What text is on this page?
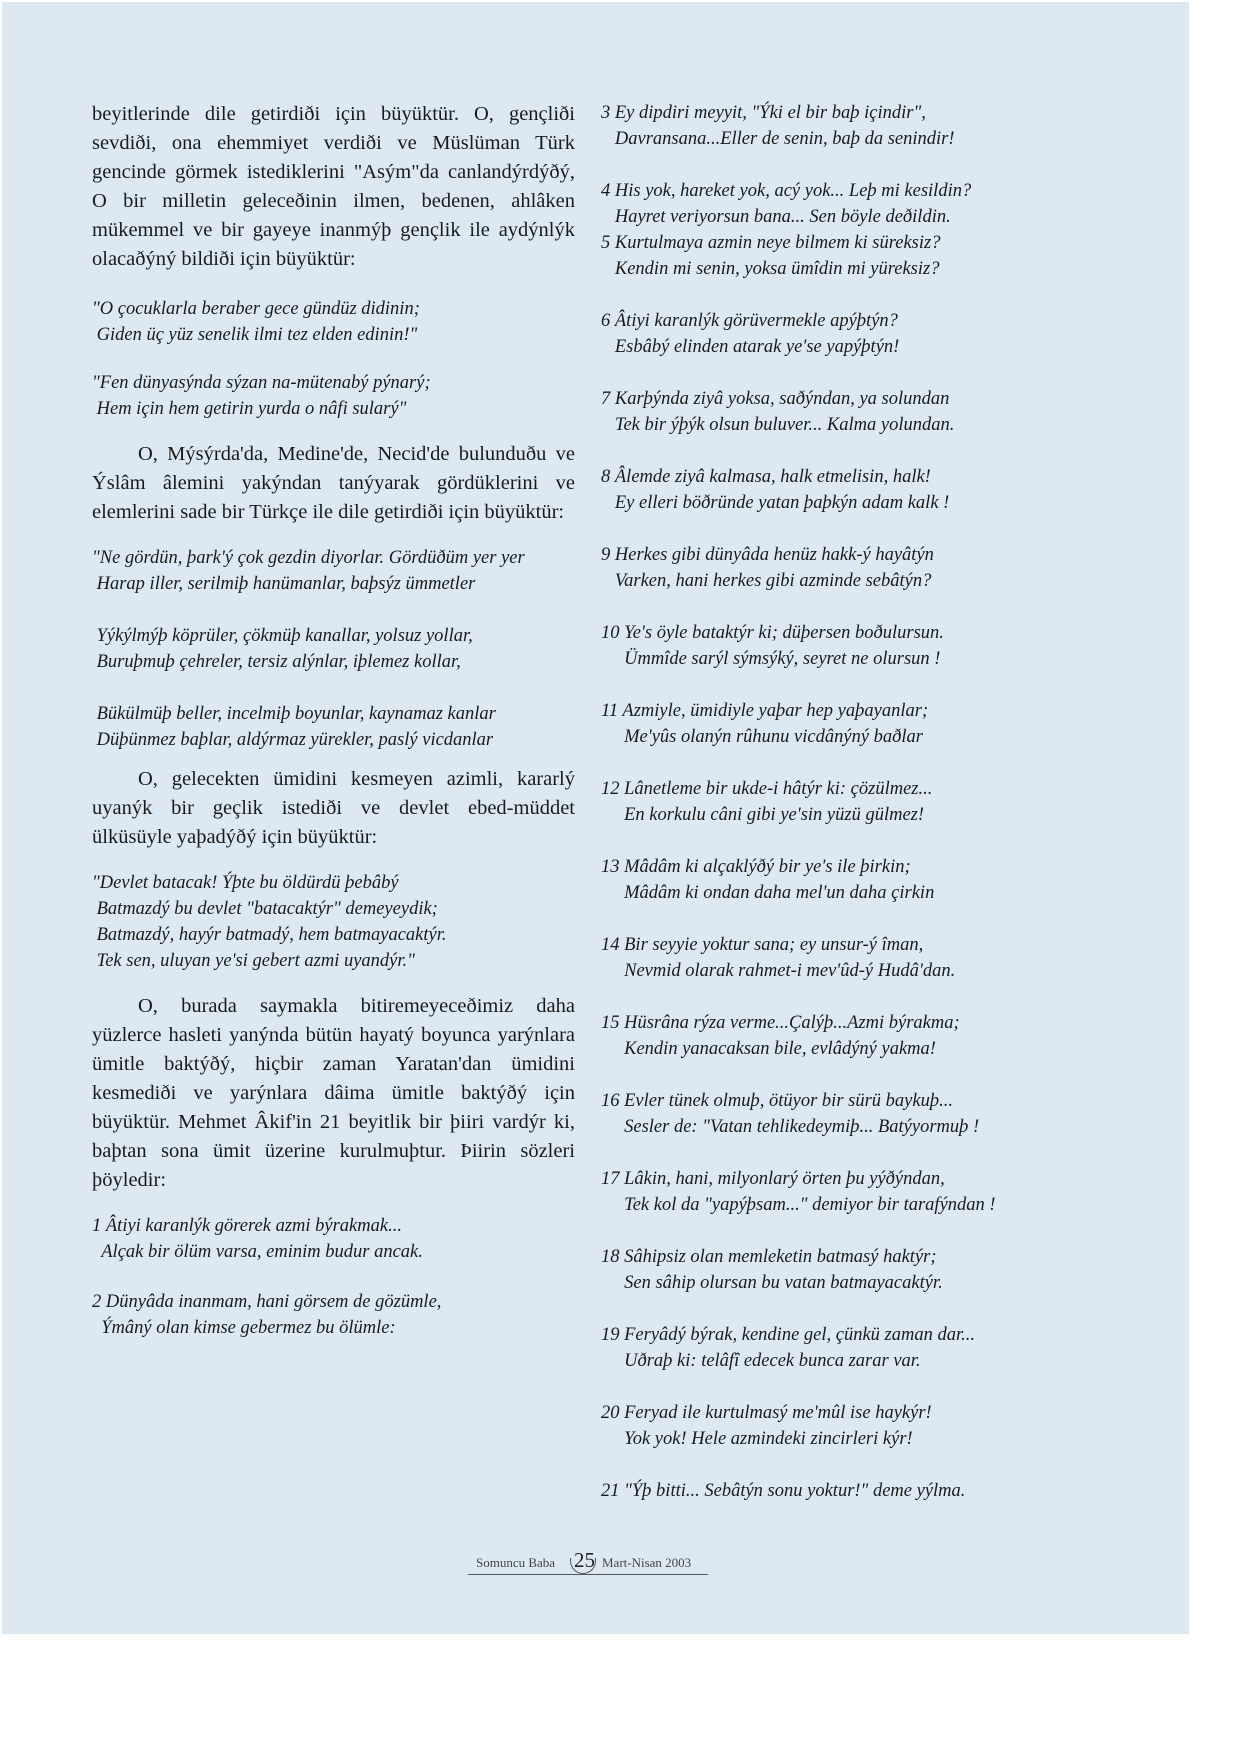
beyitlerinde dile getirdiði için büyüktür. O, gençliði sevdiði, ona ehemmiyet verdiði ve Müslüman Türk gencinde görmek istediklerini "Asým"da canlandýrdýðý, O bir milletin geleceðinin ilmen, bedenen, ahlâken mükemmel ve bir gayeye inanmýþ gençlik ile aydýnlýk olacaðýný bildiði için büyüktür:

"O çocuklarla beraber gece gündüz didinin;
Giden üç yüz senelik ilmi tez elden edinin!"

"Fen dünyasýnda sýzan na-mütenabý pýnarý;
Hem için hem getirin yurda o nâfi sularý"

O, Mýsýrda'da, Medine'de, Necid'de bulunduðu ve Ýslâm âlemini yakýndan tanýyarak gördüklerini ve elemlerini sade bir Türkçe ile dile getirdiði için büyüktür:

"Ne gördün, þark'ý çok gezdin diyorlar. Gördüðüm yer yer
Harap iller, serilmiþ hanümanlar, baþsýz ümmetler

Yýkýlmýþ köprüler, çökmüþ kanallar, yolsuz yollar,
Buruþmuþ çehreler, tersiz alýnlar, iþlemez kollar,

Bükülmüþ beller, incelmiþ boyunlar, kaynamaz kanlar
Düþünmez baþlar, aldýrmaz yürekler, paslý vicdanlar

O, gelecekten ümidini kesmeyen azimli, kararlý uyanýk bir geçlik istediði ve devlet ebed-müddet ülküsüyle yaþadýðý için büyüktür:

"Devlet batacak! Ýþte bu öldürdü þebâbý
Batmazdý bu devlet "batacaktýr" demeyeydik;
Batmazdý, hayýr batmadý, hem batmayacaktýr.
Tek sen, uluyan ye'si gebert azmi uyandýr."

O, burada saymakla bitiremeyeceðimiz daha yüzlerce hasleti yanýnda bütün hayatý boyunca yarýnlara ümitle baktýðý, hiçbir zaman Yaratan'dan ümidini kesmediði ve yarýnlara dâima ümitle baktýðý için büyüktür. Mehmet Âkif'in 21 beyitlik bir þiiri vardýr ki, baþtan sona ümit üzerine kurulmuþtur. Þiirin sözleri þöyledir:

1 Âtiyi karanlýk görerek azmi býrakmak...
Alçak bir ölüm varsa, eminim budur ancak.

2 Dünyâda inanmam, hani görsem de gözümle,
Ýmâný olan kimse gebermez bu ölümle:

3 Ey dipdiri meyyit, "Ýki el bir baþ içindir",
Davransana...Eller de senin, baþ da senindir!

4 His yok, hareket yok, acý yok... Leþ mi kesildin?
Hayret veriyorsun bana... Sen böyle deðildin.
5 Kurtulmaya azmin neye bilmem ki süreksiz?
Kendin mi senin, yoksa ümîdin mi yüreksiz?

6 Âtiyi karanlýk görüvermekle apýþtýn?
Esbâbý elinden atarak ye'se yapýþtýn!

7 Karþýnda ziyâ yoksa, saðýndan, ya solundan
Tek bir ýþýk olsun buluver... Kalma yolundan.

8 Âlemde ziyâ kalmasa, halk etmelisin, halk!
Ey elleri böðründe yatan þaþkýn adam kalk !

9 Herkes gibi dünyâda henüz hakk-ý hayâtýn
Varken, hani herkes gibi azminde sebâtýn?

10 Ye's öyle bataktýr ki; düþersen boðulursun.
Ümmîde sarýl sýmsýký, seyret ne olursun !

11 Azmiyle, ümidiyle yaþar hep yaþayanlar;
Me'yûs olanýn rûhunu vicdânýný baðlar

12 Lânetleme bir ukde-i hâtýr ki: çözülmez...
En korkulu câni gibi ye'sin yüzü gülmez!

13 Mâdâm ki alçaklýðý bir ye's ile þirkin;
Mâdâm ki ondan daha mel'un daha çirkin

14 Bir seyyie yoktur sana; ey unsur-ý îman,
Nevmid olarak rahmet-i mev'ûd-ý Hudâ'dan.

15 Hüsrâna rýza verme...Çalýþ...Azmi býrakma;
Kendin yanacaksan bile, evlâdýný yakma!

16 Evler tünek olmuþ, ötüyor bir sürü baykuþ...
Sesler de: "Vatan tehlikedeymiþ... Batýyormuþ !

17 Lâkin, hani, milyonlarý örten þu yýðýndan,
Tek kol da "yapýþsam..." demiyor bir tarafýndan !

18 Sâhipsiz olan memleketin batmasý haktýr;
Sen sâhip olursan bu vatan batmayacaktýr.

19 Feryâdý býrak, kendine gel, çünkü zaman dar...
Uðraþ ki: telâfî edecek bunca zarar var.

20 Feryad ile kurtulmasý me'mûl ise haykýr!
Yok yok! Hele azmindeki zincirleri kýr!

21 "Ýþ bitti... Sebâtýn sonu yoktur!" deme yýlma.

Somuncu Baba 25 Mart-Nisan 2003
